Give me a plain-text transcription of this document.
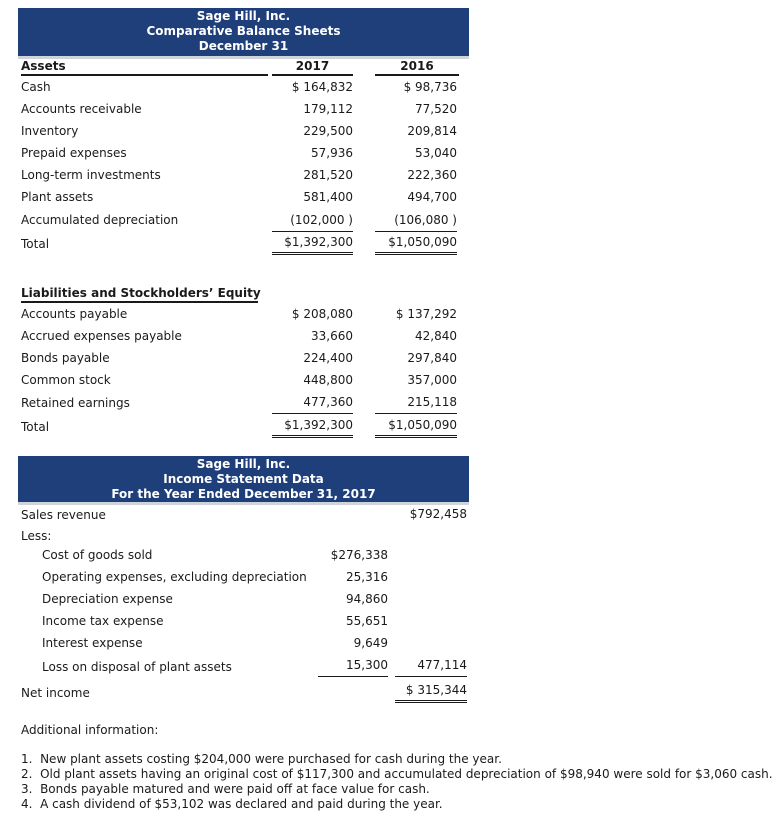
Sage Hill, Inc.
Comparative Balance Sheets
December 31
Assets	2017	2016
Cash	$ 164,832	$ 98,736
Accounts receivable	179,112	77,520
Inventory	229,500	209,814
Prepaid expenses	57,936	53,040
Long-term investments	281,520	222,360
Plant assets	581,400	494,700
Accumulated depreciation	(102,000 )	(106,080 )
Total	$1,392,300	$1,050,090
Liabilities and Stockholders’ Equity
Accounts payable	$ 208,080	$ 137,292
Accrued expenses payable	33,660	42,840
Bonds payable	224,400	297,840
Common stock	448,800	357,000
Retained earnings	477,360	215,118
Total	$1,392,300	$1,050,090
Sage Hill, Inc.
Income Statement Data
For the Year Ended December 31, 2017
Sales revenue	$792,458
Less:
Cost of goods sold	$276,338
Operating expenses, excluding depreciation	25,316
Depreciation expense	94,860
Income tax expense	55,651
Interest expense	9,649
Loss on disposal of plant assets	15,300	477,114
Net income	$ 315,344
Additional information:
1.  New plant assets costing $204,000 were purchased for cash during the year.
2.  Old plant assets having an original cost of $117,300 and accumulated depreciation of $98,940 were sold for $3,060 cash.
3.  Bonds payable matured and were paid off at face value for cash.
4.  A cash dividend of $53,102 was declared and paid during the year.
